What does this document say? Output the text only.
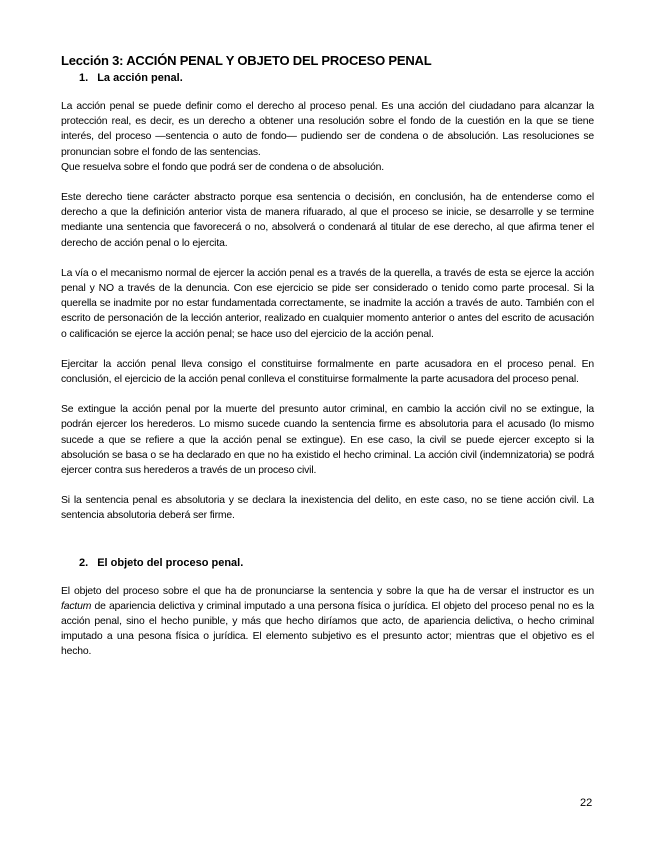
Lección 3: ACCIÓN PENAL Y OBJETO DEL PROCESO PENAL
1. La acción penal.

La acción penal se puede definir como el derecho al proceso penal. Es una acción del ciudadano para alcanzar la protección real, es decir, es un derecho a obtener una resolución sobre el fondo de la cuestión en la que se tiene interés, del proceso —sentencia o auto de fondo— pudiendo ser de condena o de absolución. Las resoluciones se pronuncian sobre el fondo de las sentencias.

Que resuelva sobre el fondo que podrá ser de condena o de absolución.

Este derecho tiene carácter abstracto porque esa sentencia o decisión, en conclusión, ha de entenderse como el derecho a que la definición anterior vista de manera rifuarado, al que el proceso se inicie, se desarrolle y se termine mediante una sentencia que favorecerá o no, absolverá o condenará al titular de ese derecho, al que afirma tener el derecho de acción penal o lo ejercita.

La vía o el mecanismo normal de ejercer la acción penal es a través de la querella, a través de esta se ejerce la acción penal y NO a través de la denuncia. Con ese ejercicio se pide ser considerado o tenido como parte procesal. Si la querella se inadmite por no estar fundamentada correctamente, se inadmite la acción a través de auto. También con el escrito de personación de la lección anterior, realizado en cualquier momento anterior o antes del escrito de acusación o calificación se ejerce la acción penal; se hace uso del ejercicio de la acción penal.

Ejercitar la acción penal lleva consigo el constituirse formalmente en parte acusadora en el proceso penal. En conclusión, el ejercicio de la acción penal conlleva el constituirse formalmente la parte acusadora del proceso penal.

Se extingue la acción penal por la muerte del presunto autor criminal, en cambio la acción civil no se extingue, la podrán ejercer los herederos. Lo mismo sucede cuando la sentencia firme es absolutoria para el acusado (lo mismo sucede a que se refiere a que la acción penal se extingue). En ese caso, la civil se puede ejercer excepto si la absolución se basa o se ha declarado en que no ha existido el hecho criminal. La acción civil (indemnizatoria) se podrá ejercer contra sus herederos a través de un proceso civil.

Si la sentencia penal es absolutoria y se declara la inexistencia del delito, en este caso, no se tiene acción civil. La sentencia absolutoria deberá ser firme.

2. El objeto del proceso penal.

El objeto del proceso sobre el que ha de pronunciarse la sentencia y sobre la que ha de versar el instructor es un factum de apariencia delictiva y criminal imputado a una persona física o jurídica. El objeto del proceso penal no es la acción penal, sino el hecho punible, y más que hecho diríamos que acto, de apariencia delictiva, o hecho criminal imputado a una pesona física o jurídica. El elemento subjetivo es el presunto actor; mientras que el objetivo es el hecho.

22
